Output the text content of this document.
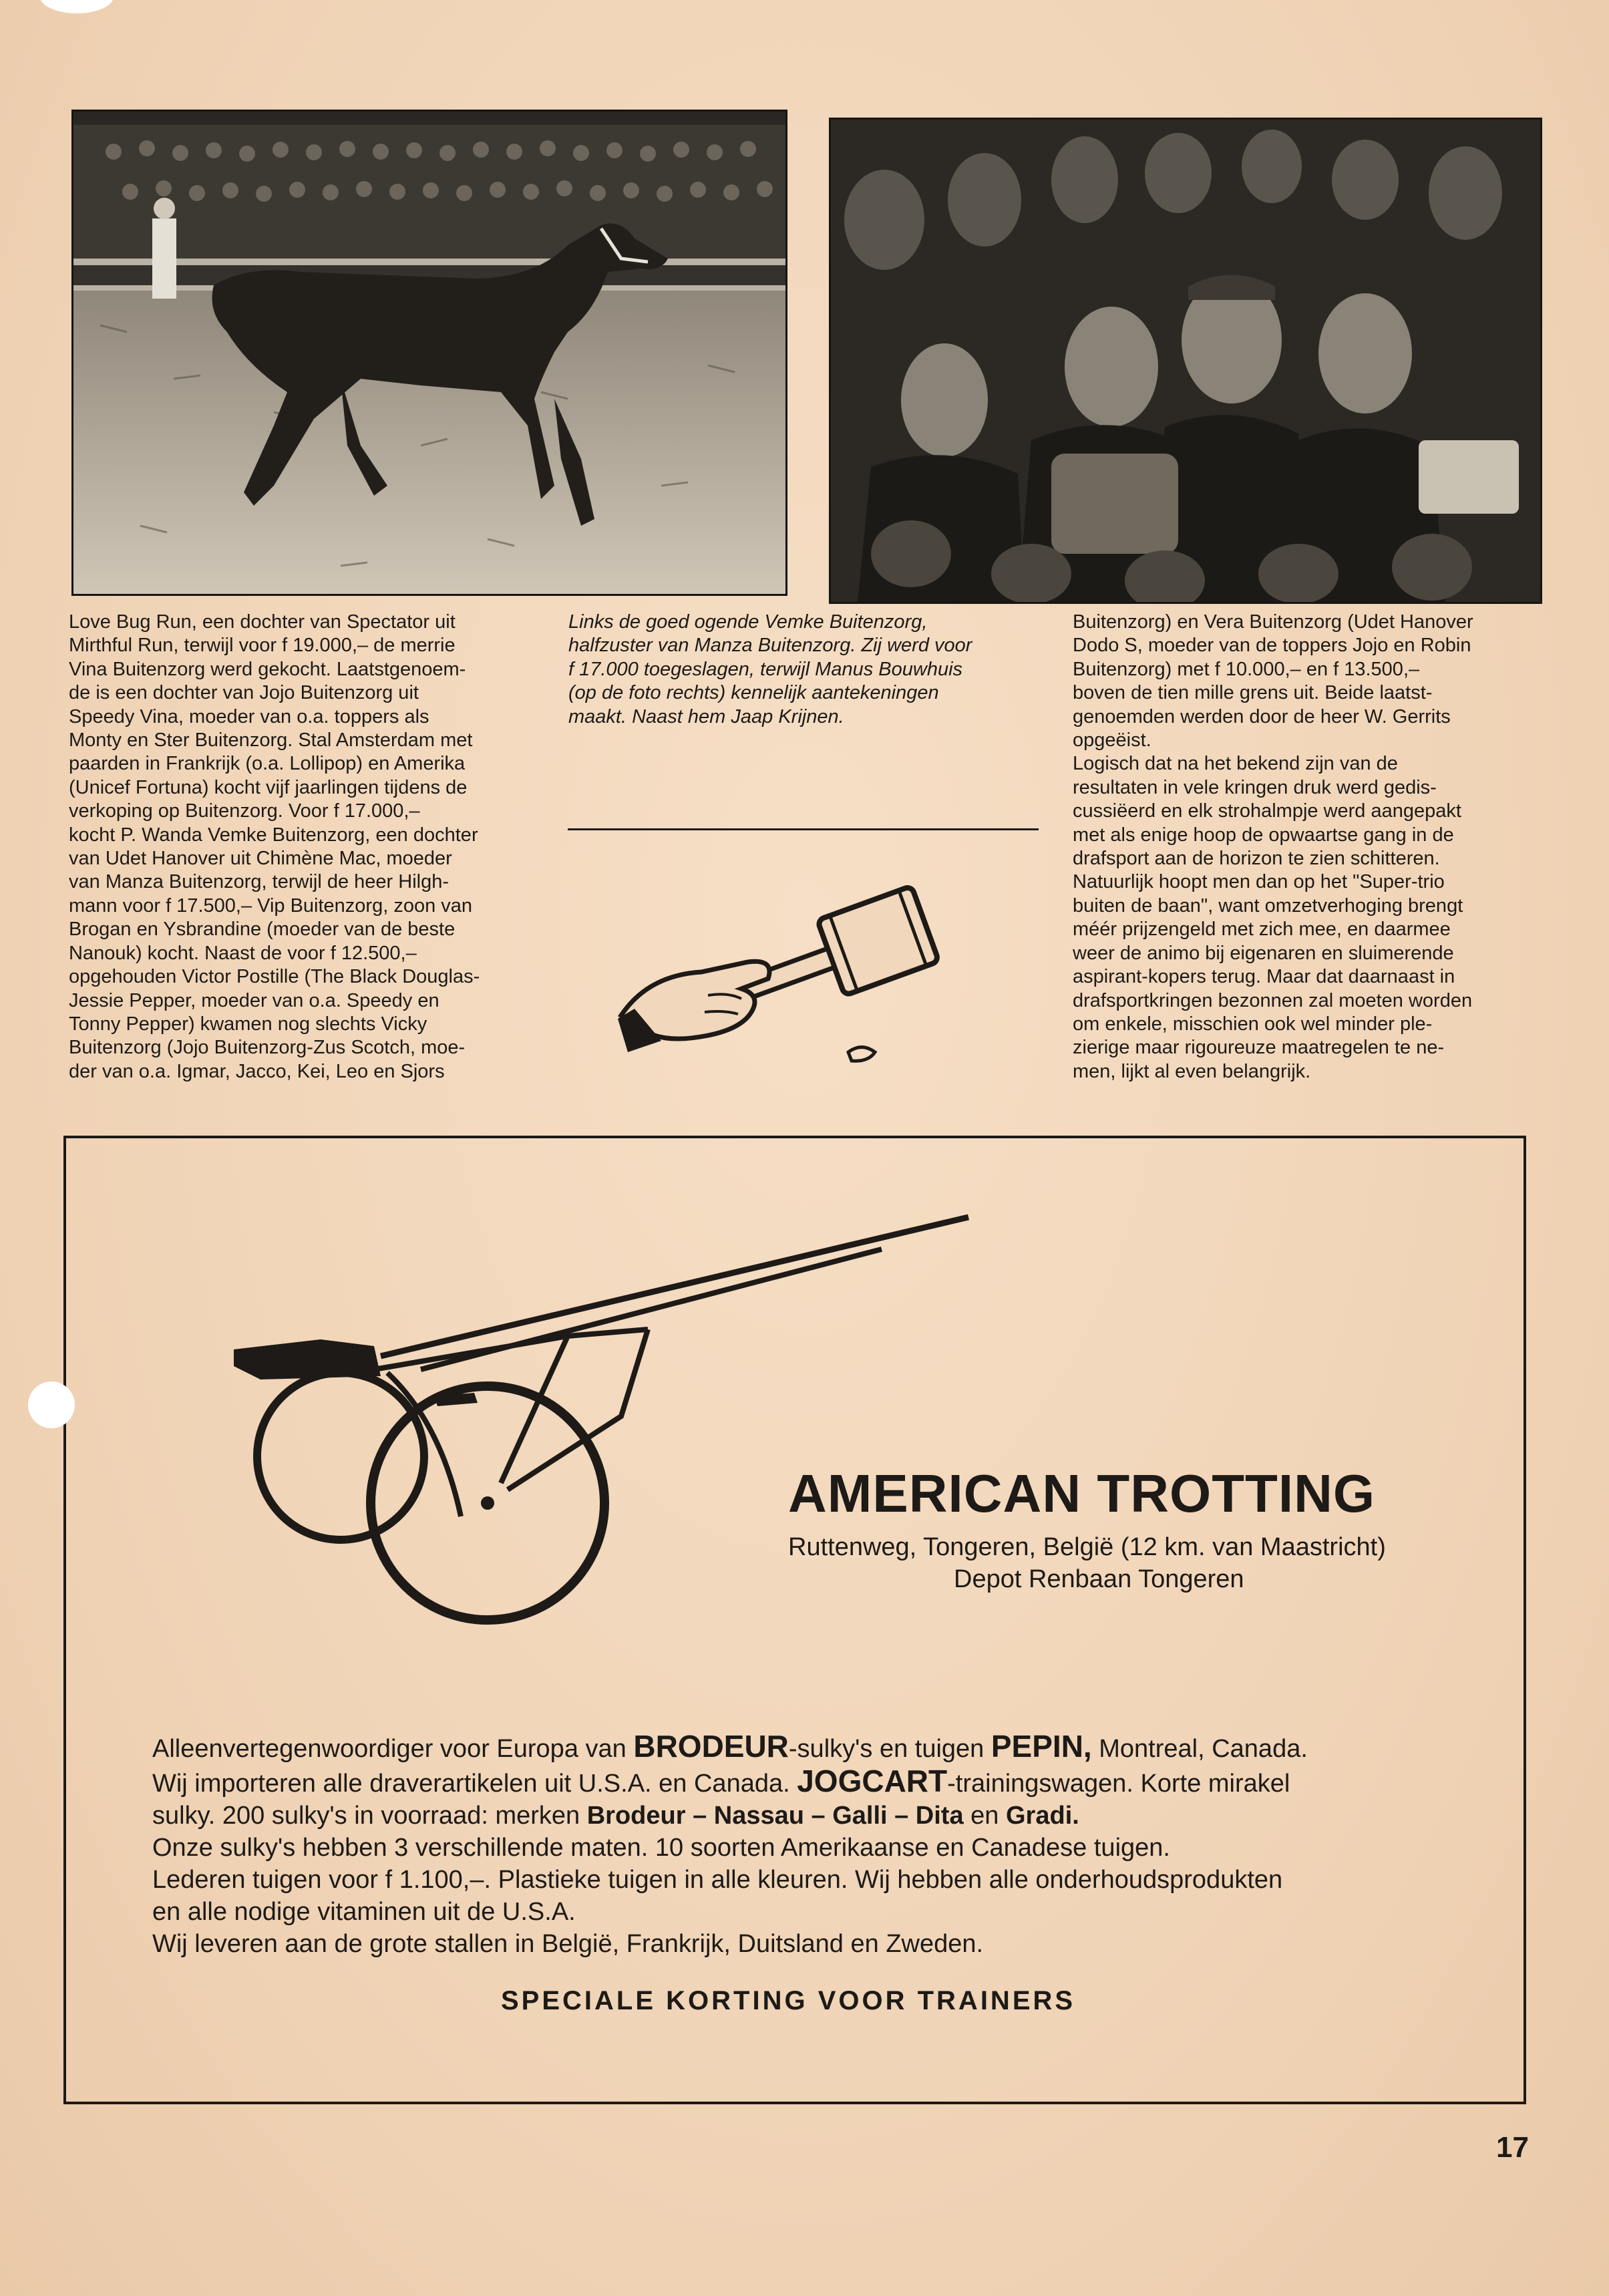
Love Bug Run, een dochter van Spectator uit

Mirthful Run, terwijl voor f 19.000,– de merrie

Vina Buitenzorg werd gekocht. Laatstgenoem-

de is een dochter van Jojo Buitenzorg uit

Speedy Vina, moeder van o.a. toppers als

Monty en Ster Buitenzorg. Stal Amsterdam met

paarden in Frankrijk (o.a. Lollipop) en Amerika

(Unicef Fortuna) kocht vijf jaarlingen tijdens de

verkoping op Buitenzorg. Voor f 17.000,–

kocht P. Wanda Vemke Buitenzorg, een dochter

van Udet Hanover uit Chimène Mac, moeder

van Manza Buitenzorg, terwijl de heer Hilgh-

mann voor f 17.500,– Vip Buitenzorg, zoon van

Brogan en Ysbrandine (moeder van de beste

Nanouk) kocht. Naast de voor f 12.500,–

opgehouden Victor Postille (The Black Douglas-

Jessie Pepper, moeder van o.a. Speedy en

Tonny Pepper) kwamen nog slechts Vicky

Buitenzorg (Jojo Buitenzorg-Zus Scotch, moe-

der van o.a. Igmar, Jacco, Kei, Leo en Sjors

Links de goed ogende Vemke Buitenzorg,

halfzuster van Manza Buitenzorg. Zij werd voor

f 17.000 toegeslagen, terwijl Manus Bouwhuis

(op de foto rechts) kennelijk aantekeningen

maakt. Naast hem Jaap Krijnen.

Buitenzorg) en Vera Buitenzorg (Udet Hanover

Dodo S, moeder van de toppers Jojo en Robin

Buitenzorg) met f 10.000,– en f 13.500,–

boven de tien mille grens uit. Beide laatst-

genoemden werden door de heer W. Gerrits

opgeëist.

Logisch dat na het bekend zijn van de

resultaten in vele kringen druk werd gedis-

cussiëerd en elk strohalmpje werd aangepakt

met als enige hoop de opwaartse gang in de

drafsport aan de horizon te zien schitteren.

Natuurlijk hoopt men dan op het "Super-trio

buiten de baan", want omzetverhoging brengt

méér prijzengeld met zich mee, en daarmee

weer de animo bij eigenaren en sluimerende

aspirant-kopers terug. Maar dat daarnaast in

drafsportkringen bezonnen zal moeten worden

om enkele, misschien ook wel minder ple-

zierige maar rigoureuze maatregelen te ne-

men, lijkt al even belangrijk.

AMERICAN TROTTING
Ruttenweg, Tongeren, België (12 km. van Maastricht)
Depot Renbaan Tongeren

Alleenvertegenwoordiger voor Europa van BRODEUR-sulky's en tuigen PEPIN, Montreal, Canada.

Wij importeren alle draverartikelen uit U.S.A. en Canada. JOGCART-trainingswagen. Korte mirakel

sulky. 200 sulky's in voorraad: merken Brodeur – Nassau – Galli – Dita en Gradi.

Onze sulky's hebben 3 verschillende maten. 10 soorten Amerikaanse en Canadese tuigen.

Lederen tuigen voor f 1.100,–. Plastieke tuigen in alle kleuren. Wij hebben alle onderhoudsprodukten

en alle nodige vitaminen uit de U.S.A.

Wij leveren aan de grote stallen in België, Frankrijk, Duitsland en Zweden.

SPECIALE KORTING VOOR TRAINERS
17
